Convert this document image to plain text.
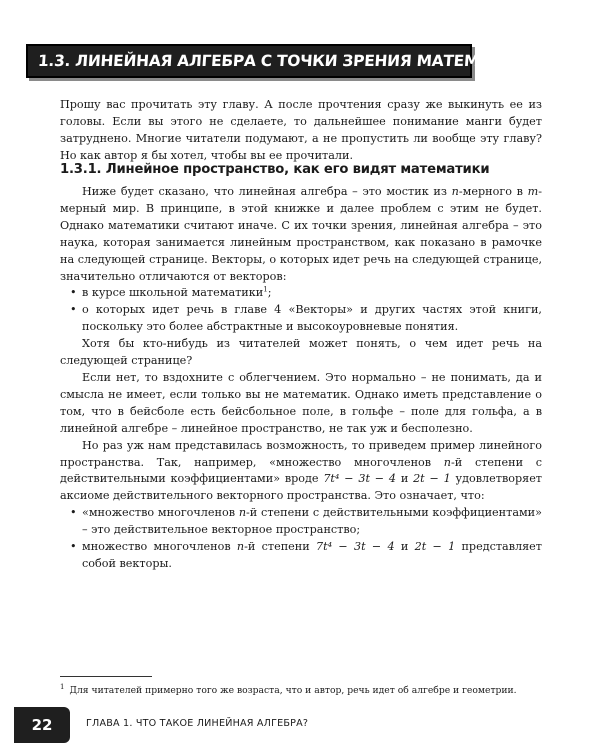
1.3. ЛИНЕЙНАЯ АЛГЕБРА С ТОЧКИ ЗРЕНИЯ МАТЕМАТИКОВ

Прошу вас прочитать эту главу. А после прочтения сразу же выкинуть ее из головы. Если вы этого не сделаете, то дальнейшее понимание манги будет затруднено. Многие читатели подумают, а не пропустить ли вообще эту главу? Но как автор я бы хотел, чтобы вы ее прочитали.

1.3.1. Линейное пространство, как его видят математики

Ниже будет сказано, что линейная алгебра – это мостик из n-мерного в m-мерный мир. В принципе, в этой книжке и далее проблем с этим не будет. Однако математики считают иначе. С их точки зрения, линейная алгебра – это наука, которая занимается линейным пространством, как показано в рамочке на следующей странице. Векторы, о которых идет речь на следующей странице, значительно отличаются от векторов:

• в курсе школьной математики$^1$;
• о которых идет речь в главе 4 «Векторы» и других частях этой книги, поскольку это более абстрактные и высокоуровневые понятия.

Хотя бы кто-нибудь из читателей может понять, о чем идет речь на следующей странице?

Если нет, то вздохните с облегчением. Это нормально – не понимать, да и смысла не имеет, если только вы не математик. Однако иметь представление о том, что в бейсболе есть бейсбольное поле, в гольфе – поле для гольфа, а в линейной алгебре – линейное пространство, не так уж и бесполезно.

Но раз уж нам представилась возможность, то приведем пример линейного пространства. Так, например, «множество многочленов n-й степени с действительными коэффициентами» вроде 7t⁴ − 3t − 4 и 2t − 1 удовлетворяет аксиоме действительного векторного пространства. Это означает, что:

• «множество многочленов n-й степени с действительными коэффициентами» – это действительное векторное пространство;
• множество многочленов n-й степени 7t⁴ − 3t − 4 и 2t − 1 представляет собой векторы.
$^1$ Для читателей примерно того же возраста, что и автор, речь идет об алгебре и геометрии.
22	ГЛАВА 1. ЧТО ТАКОЕ ЛИНЕЙНАЯ АЛГЕБРА?
